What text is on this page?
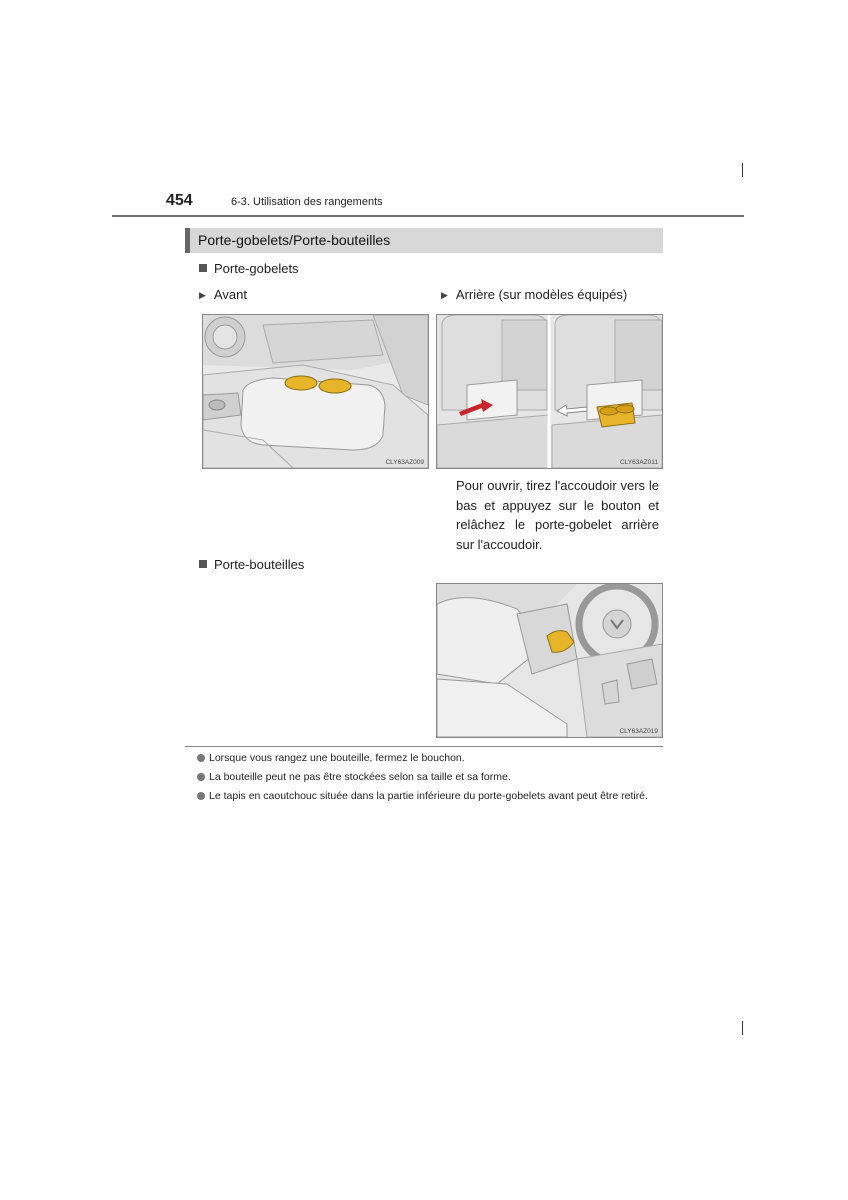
454	6-3. Utilisation des rangements
Porte-gobelets/Porte-bouteilles
Porte-gobelets
▶ Avant	▶ Arrière (sur modèles équipés)
CLY63AZ009	CLY63AZ011
Pour ouvrir, tirez l'accoudoir vers le bas et appuyez sur le bouton et relâchez le porte-gobelet arrière sur l'accoudoir.
Porte-bouteilles
CLY63AZ019
Lorsque vous rangez une bouteille, fermez le bouchon.
La bouteille peut ne pas être stockées selon sa taille et sa forme.
Le tapis en caoutchouc située dans la partie inférieure du porte-gobelets avant peut être retiré.
